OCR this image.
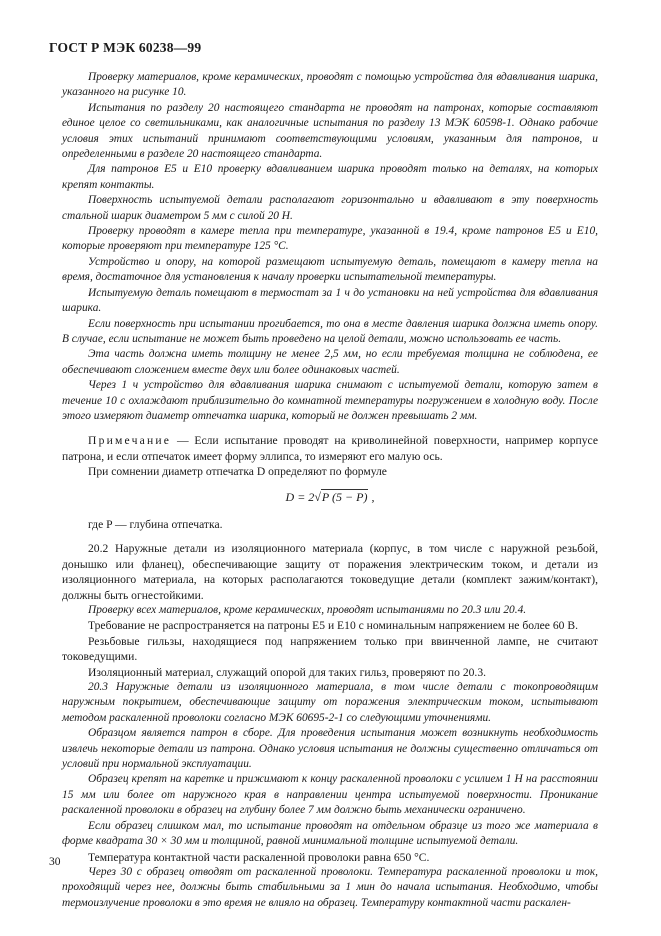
ГОСТ Р МЭК 60238—99

Проверку материалов, кроме керамических, проводят с помощью устройства для вдавливания шарика, указанного на рисунке 10.

Испытания по разделу 20 настоящего стандарта не проводят на патронах, которые составляют единое целое со светильниками, как аналогичные испытания по разделу 13 МЭК 60598-1. Однако рабочие условия этих испытаний принимают соответствующими условиям, указанным для патронов, и определенными в разделе 20 настоящего стандарта.

Для патронов E5 и E10 проверку вдавливанием шарика проводят только на деталях, на которых крепят контакты.

Поверхность испытуемой детали располагают горизонтально и вдавливают в эту поверхность стальной шарик диаметром 5 мм с силой 20 Н.

Проверку проводят в камере тепла при температуре, указанной в 19.4, кроме патронов E5 и E10, которые проверяют при температуре 125 °С.

Устройство и опору, на которой размещают испытуемую деталь, помещают в камеру тепла на время, достаточное для установления к началу проверки испытательной температуры.

Испытуемую деталь помещают в термостат за 1 ч до установки на ней устройства для вдавливания шарика.

Если поверхность при испытании прогибается, то она в месте давления шарика должна иметь опору. В случае, если испытание не может быть проведено на целой детали, можно использовать ее часть.

Эта часть должна иметь толщину не менее 2,5 мм, но если требуемая толщина не соблюдена, ее обеспечивают сложением вместе двух или более одинаковых частей.

Через 1 ч устройство для вдавливания шарика снимают с испытуемой детали, которую затем в течение 10 с охлаждают приблизительно до комнатной температуры погружением в холодную воду. После этого измеряют диаметр отпечатка шарика, который не должен превышать 2 мм.

Примечание — Если испытание проводят на криволинейной поверхности, например корпусе патрона, и если отпечаток имеет форму эллипса, то измеряют его малую ось.

При сомнении диаметр отпечатка D определяют по формуле

D = 2√P (5 − P) ,

где P — глубина отпечатка.

20.2 Наружные детали из изоляционного материала (корпус, в том числе с наружной резьбой, донышко или фланец), обеспечивающие защиту от поражения электрическим током, и детали из изоляционного материала, на которых располагаются токоведущие детали (комплект зажим/контакт), должны быть огнестойкими.

Проверку всех материалов, кроме керамических, проводят испытаниями по 20.3 или 20.4.

Требование не распространяется на патроны E5 и E10 с номинальным напряжением не более 60 В.

Резьбовые гильзы, находящиеся под напряжением только при ввинченной лампе, не считают токоведущими.

Изоляционный материал, служащий опорой для таких гильз, проверяют по 20.3.

20.3 Наружные детали из изоляционного материала, в том числе детали с токопроводящим наружным покрытием, обеспечивающие защиту от поражения электрическим током, испытывают методом раскаленной проволоки согласно МЭК 60695-2-1 со следующими уточнениями.

Образцом является патрон в сборе. Для проведения испытания может возникнуть необходимость извлечь некоторые детали из патрона. Однако условия испытания не должны существенно отличаться от условий при нормальной эксплуатации.

Образец крепят на каретке и прижимают к концу раскаленной проволоки с усилием 1 Н на расстоянии 15 мм или более от наружного края в направлении центра испытуемой поверхности. Проникание раскаленной проволоки в образец на глубину более 7 мм должно быть механически ограничено.

Если образец слишком мал, то испытание проводят на отдельном образце из того же материала в форме квадрата 30 × 30 мм и толщиной, равной минимальной толщине испытуемой детали.

Температура контактной части раскаленной проволоки равна 650 °С.

Через 30 с образец отводят от раскаленной проволоки. Температура раскаленной проволоки и ток, проходящий через нее, должны быть стабильными за 1 мин до начала испытания. Необходимо, чтобы термоизлучение проволоки в это время не влияло на образец. Температуру контактной части раскален-

30
